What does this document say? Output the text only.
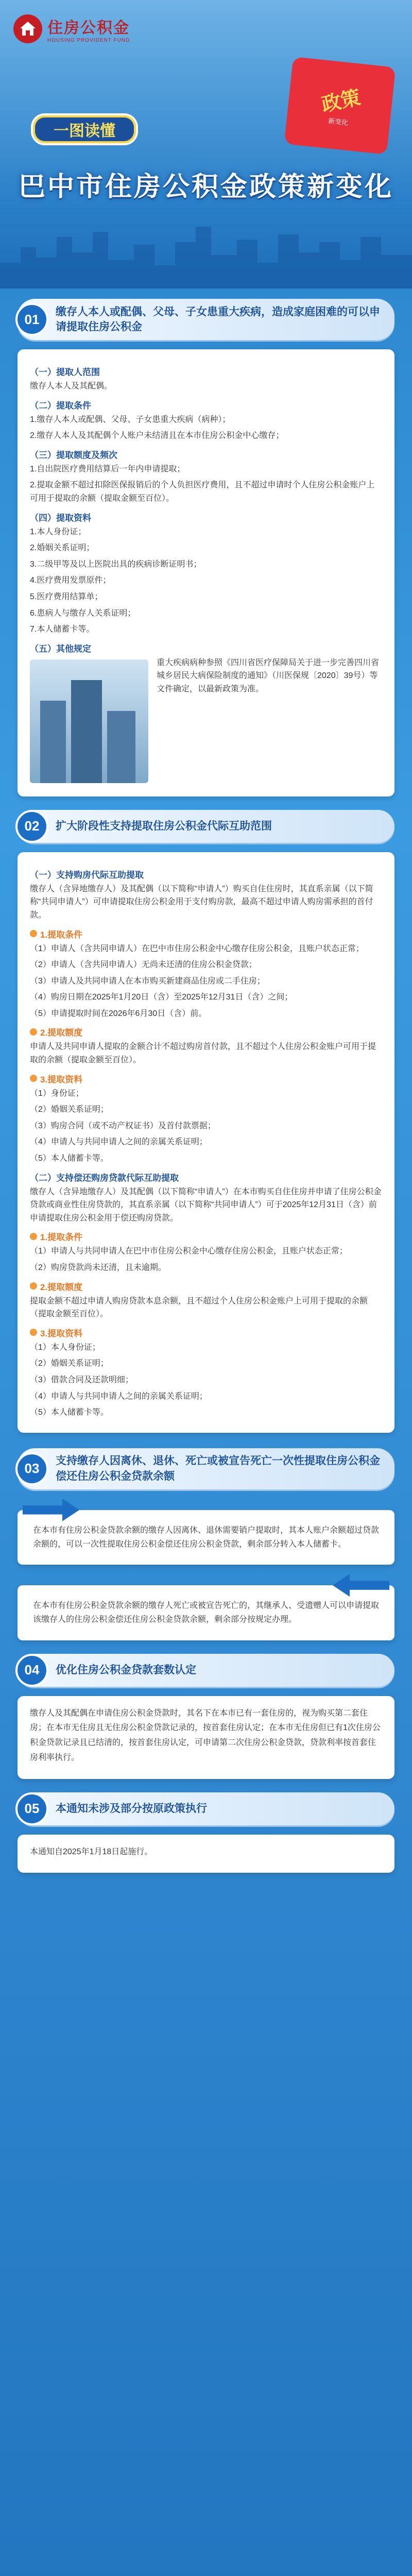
住房公积金
HOUSING PROVIDENT FUND
政策
新变化
一图读懂
巴中市住房公积金政策新变化
01	缴存人本人或配偶、父母、子女患重大疾病，造成家庭困难的可以申请提取住房公积金
（一）提取人范围

缴存人本人及其配偶。

（二）提取条件

1.缴存人本人或配偶、父母、子女患重大疾病（病种）；

2.缴存人本人及其配偶个人账户未结清且在本市住房公积金中心缴存；

（三）提取额度及频次

1.自出院医疗费用结算后一年内申请提取；

2.提取金额不超过扣除医保报销后的个人负担医疗费用，且不超过申请时个人住房公积金账户上可用于提取的余额（提取金额至百位）。

（四）提取资料

1.本人身份证；

2.婚姻关系证明；

3.二级甲等及以上医院出具的疾病诊断证明书；

4.医疗费用发票原件；

5.医疗费用结算单；

6.患病人与缴存人关系证明；

7.本人储蓄卡等。

（五）其他规定

重大疾病病种参照《四川省医疗保障局关于进一步完善四川省城乡居民大病保险制度的通知》（川医保规〔2020〕39号）等文件确定，以最新政策为准。

02	扩大阶段性支持提取住房公积金代际互助范围
（一）支持购房代际互助提取

缴存人（含异地缴存人）及其配偶（以下简称“申请人”）购买自住住房时，其直系亲属（以下简称“共同申请人”）可申请提取住房公积金用于支付购房款，最高不超过申请人购房需承担的首付款。

1.提取条件

（1）申请人（含共同申请人）在巴中市住房公积金中心缴存住房公积金，且账户状态正常；

（2）申请人（含共同申请人）无尚未还清的住房公积金贷款；

（3）申请人及共同申请人在本市购买新建商品住房或二手住房；

（4）购房日期在2025年1月20日（含）至2025年12月31日（含）之间；

（5）申请提取时间在2026年6月30日（含）前。

2.提取额度

申请人及共同申请人提取的金额合计不超过购房首付款，且不超过个人住房公积金账户可用于提取的余额（提取金额至百位）。

3.提取资料

（1）身份证；

（2）婚姻关系证明；

（3）购房合同（或不动产权证书）及首付款票据；

（4）申请人与共同申请人之间的亲属关系证明；

（5）本人储蓄卡等。

（二）支持偿还购房贷款代际互助提取

缴存人（含异地缴存人）及其配偶（以下简称“申请人”）在本市购买自住住房并申请了住房公积金贷款或商业性住房贷款的，其直系亲属（以下简称“共同申请人”）可于2025年12月31日（含）前申请提取住房公积金用于偿还购房贷款。

1.提取条件

（1）申请人与共同申请人在巴中市住房公积金中心缴存住房公积金，且账户状态正常；

（2）购房贷款尚未还清，且未逾期。

2.提取额度

提取金额不超过申请人购房贷款本息余额，且不超过个人住房公积金账户上可用于提取的余额（提取金额至百位）。

3.提取资料

（1）本人身份证；

（2）婚姻关系证明；

（3）借款合同及还款明细；

（4）申请人与共同申请人之间的亲属关系证明；

（5）本人储蓄卡等。

03	支持缴存人因离休、退休、死亡或被宣告死亡一次性提取住房公积金偿还住房公积金贷款余额

在本市有住房公积金贷款余额的缴存人因离休、退休需要销户提取时，其本人账户余额超过贷款余额的，可以一次性提取住房公积金偿还住房公积金贷款，剩余部分转入本人储蓄卡。

在本市有住房公积金贷款余额的缴存人死亡或被宣告死亡的，其继承人、受遗赠人可以申请提取该缴存人的住房公积金偿还住房公积金贷款余额，剩余部分按规定办理。

04	优化住房公积金贷款套数认定

缴存人及其配偶在申请住房公积金贷款时，其名下在本市已有一套住房的，视为购买第二套住房；在本市无住房且无住房公积金贷款记录的，按首套住房认定；在本市无住房但已有1次住房公积金贷款记录且已结清的，按首套住房认定，可申请第二次住房公积金贷款，贷款利率按首套住房利率执行。

05	本通知未涉及部分按原政策执行

本通知自2025年1月18日起施行。
